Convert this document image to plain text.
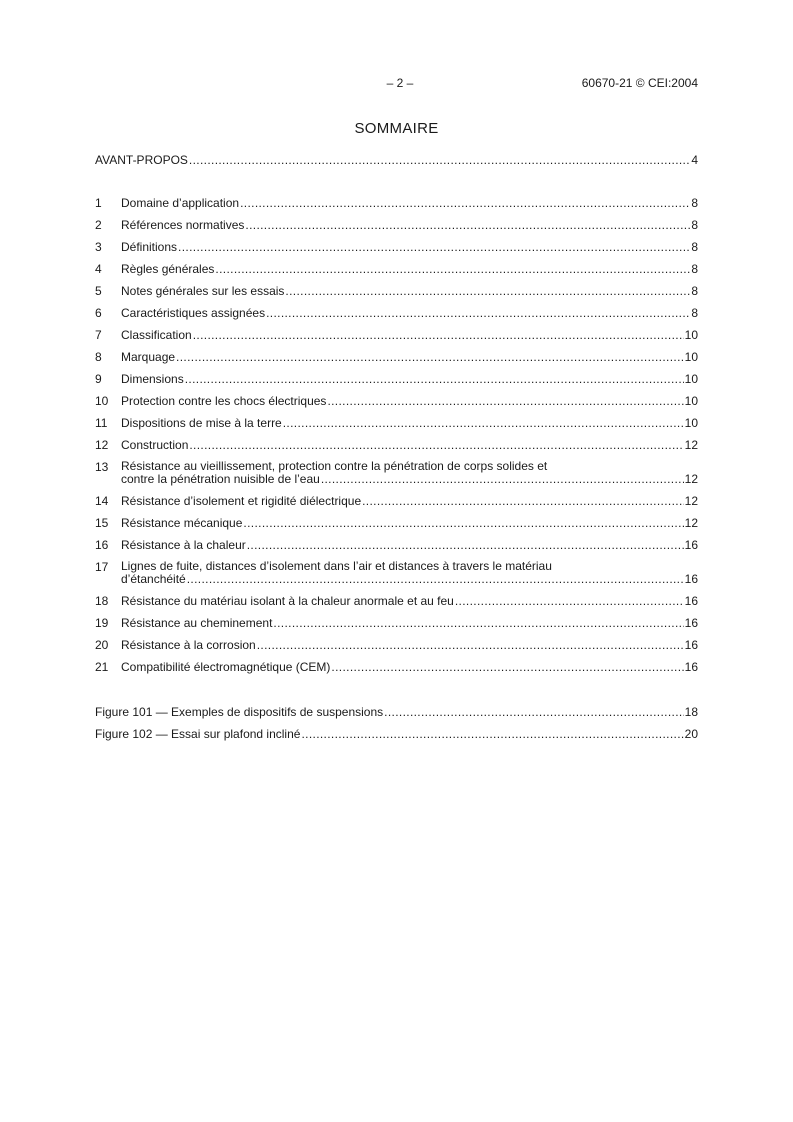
– 2 –	60670-21 © CEI:2004
SOMMAIRE
AVANT-PROPOS .....	4
1	Domaine d’application .....	8
2	Références normatives .....	8
3	Définitions .....	8
4	Règles générales .....	8
5	Notes générales sur les essais .....	8
6	Caractéristiques assignées .....	8
7	Classification .....	10
8	Marquage .....	10
9	Dimensions .....	10
10	Protection contre les chocs électriques .....	10
11	Dispositions de mise à la terre .....	10
12	Construction .....	12
13	Résistance au vieillissement, protection contre la pénétration de corps solides et
contre la pénétration nuisible de l’eau .....	12
14	Résistance d’isolement et rigidité diélectrique .....	12
15	Résistance mécanique .....	12
16	Résistance à la chaleur .....	16
17	Lignes de fuite, distances d’isolement dans l’air et distances à travers le matériau
d’étanchéité .....	16
18	Résistance du matériau isolant à la chaleur anormale et au feu .....	16
19	Résistance au cheminement .....	16
20	Résistance à la corrosion .....	16
21	Compatibilité électromagnétique (CEM) .....	16
Figure 101 — Exemples de dispositifs de suspensions .....	18
Figure 102 — Essai sur plafond incliné .....	20
